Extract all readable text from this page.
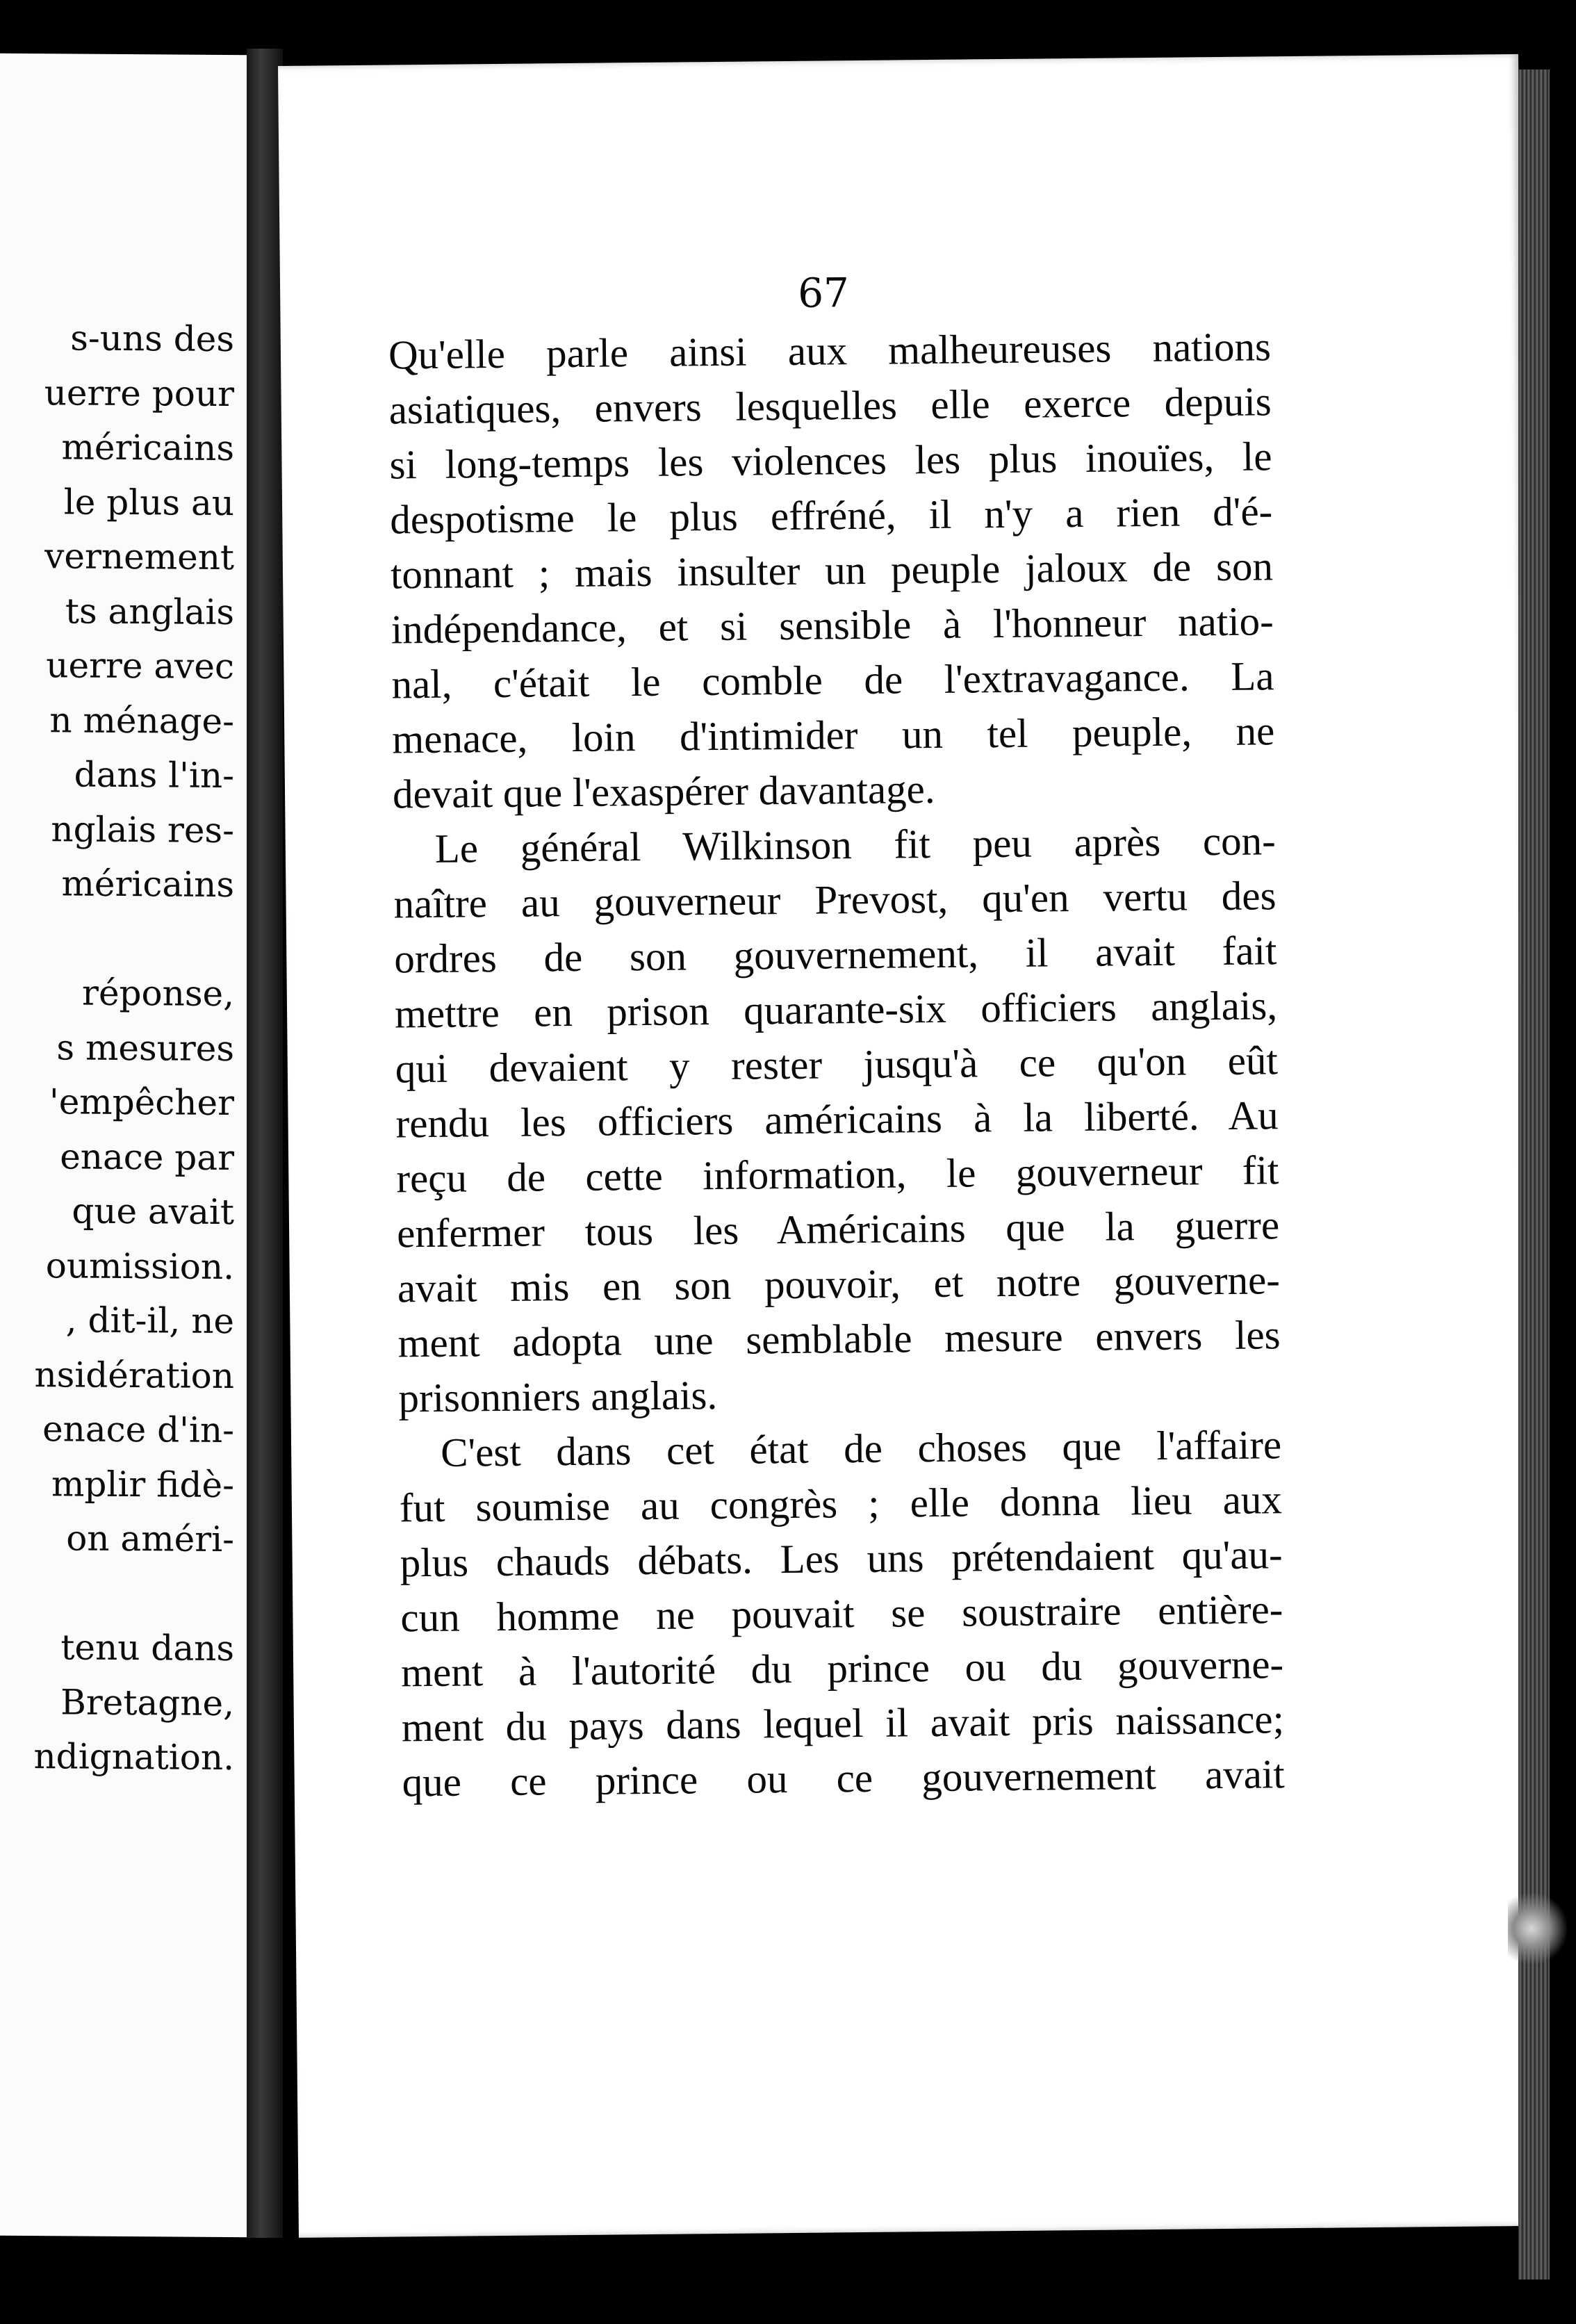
s-uns des
uerre pour
méricains
le plus au
vernement
ts anglais
uerre avec
n ménage-
dans l'in-
nglais res-
méricains
réponse,
s mesures
'empêcher
enace par
que avait
oumission.
, dit-il, ne
nsidération
enace d'in-
mplir fidè-
on améri-
tenu dans
Bretagne,
ndignation.
67
Qu'elle parle ainsi aux malheureuses nations
asiatiques, envers lesquelles elle exerce depuis
si long-temps les violences les plus inouïes, le
despotisme le plus effréné, il n'y a rien d'é-
tonnant ; mais insulter un peuple jaloux de son
indépendance, et si sensible à l'honneur natio-
nal, c'était le comble de l'extravagance. La
menace, loin d'intimider un tel peuple, ne
devait que l'exaspérer davantage.
Le général Wilkinson fit peu après con-
naître au gouverneur Prevost, qu'en vertu des
ordres de son gouvernement, il avait fait
mettre en prison quarante-six officiers anglais,
qui devaient y rester jusqu'à ce qu'on eût
rendu les officiers américains à la liberté. Au
reçu de cette information, le gouverneur fit
enfermer tous les Américains que la guerre
avait mis en son pouvoir, et notre gouverne-
ment adopta une semblable mesure envers les
prisonniers anglais.
C'est dans cet état de choses que l'affaire
fut soumise au congrès ; elle donna lieu aux
plus chauds débats. Les uns prétendaient qu'au-
cun homme ne pouvait se soustraire entière-
ment à l'autorité du prince ou du gouverne-
ment du pays dans lequel il avait pris naissance;
que ce prince ou ce gouvernement avait
